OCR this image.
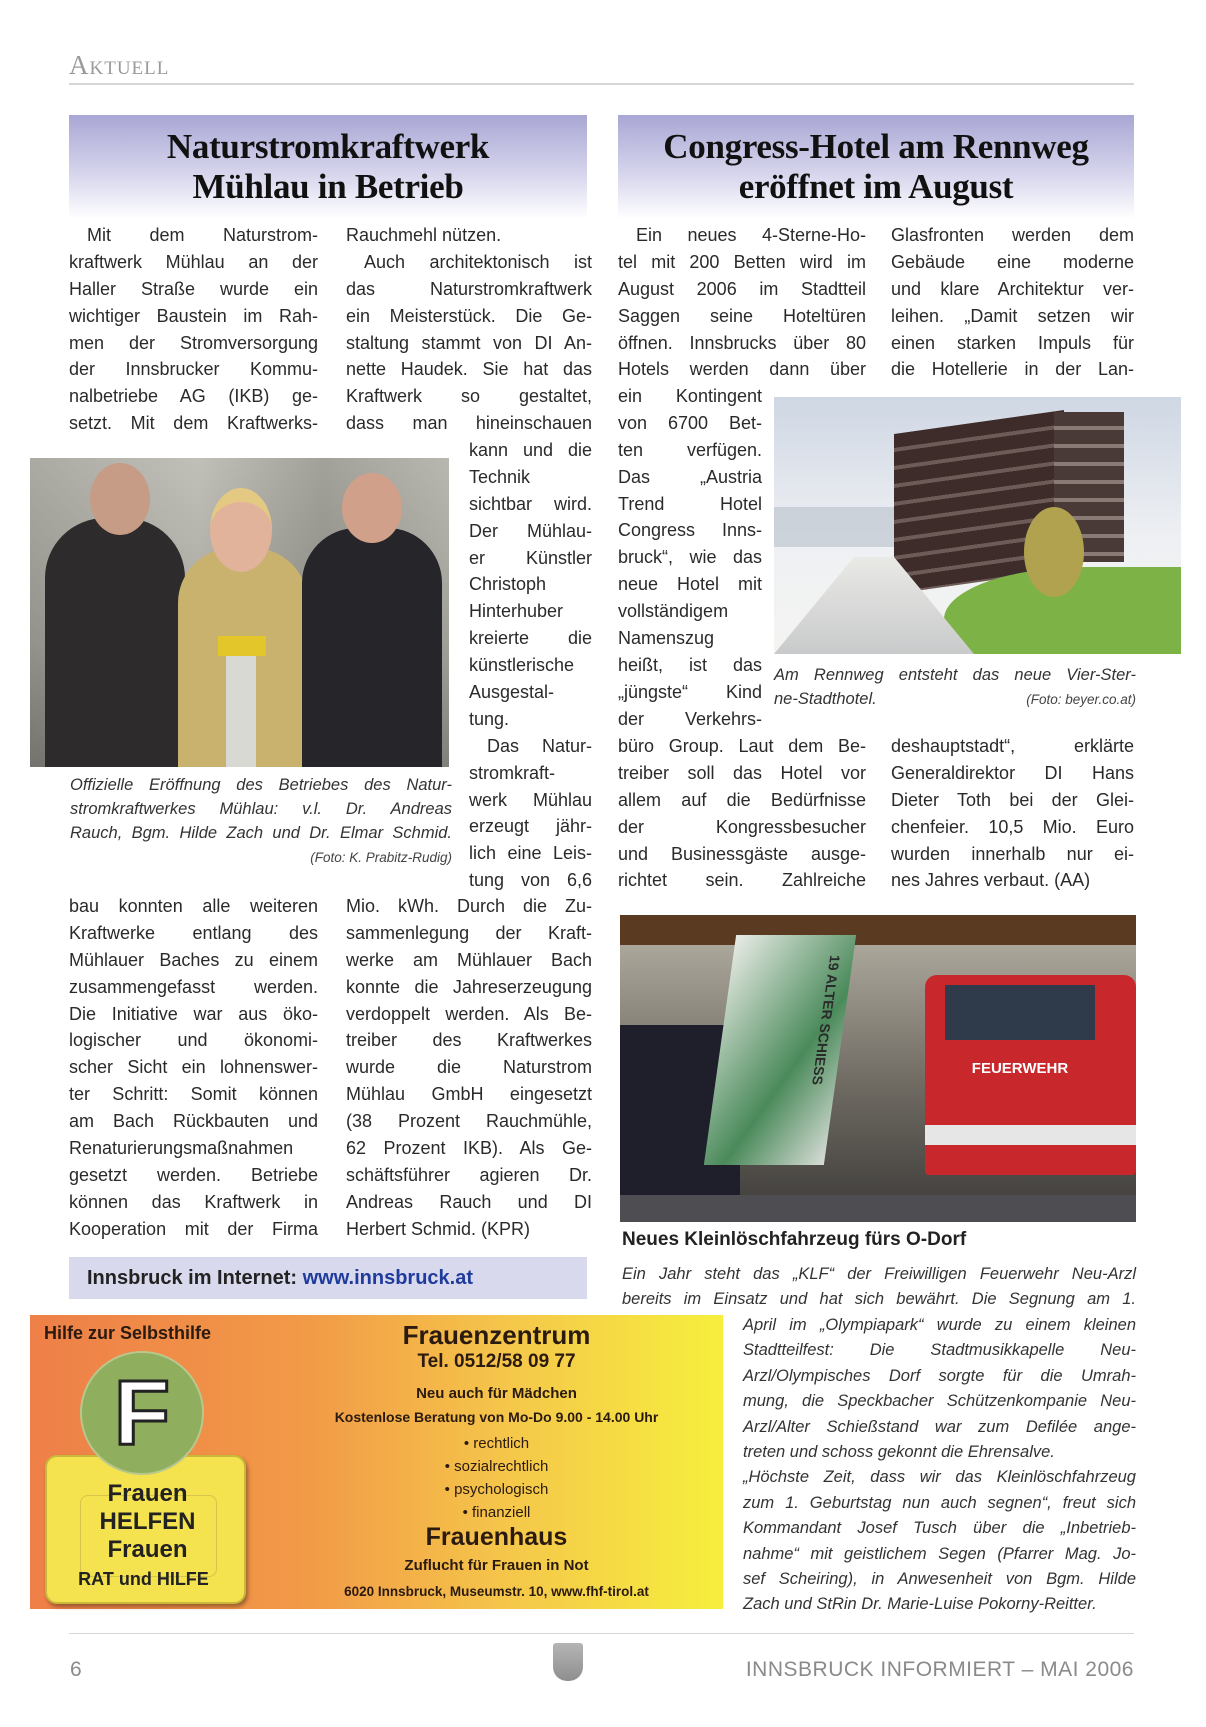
Aktuell
Naturstromkraftwerk
Mühlau in Betrieb
Mit dem Naturstrom-
kraftwerk Mühlau an der
Haller Straße wurde ein
wichtiger Baustein im Rah-
men der Stromversorgung
der Innsbrucker Kommu-
nalbetriebe AG (IKB) ge-
setzt. Mit dem Kraftwerks-
Rauchmehl nützen.
Auch architektonisch ist
das Naturstromkraftwerk
ein Meisterstück. Die Ge-
staltung stammt von DI An-
nette Haudek. Sie hat das
Kraftwerk so gestaltet,
dass man hineinschauen
kann und die
Technik
sichtbar wird.
Der Mühlau-
er Künstler
Christoph
Hinterhuber
kreierte die
künstlerische
Ausgestal-
tung.
Das Natur-
stromkraft-
werk Mühlau
erzeugt jähr-
lich eine Leis-
tung von 6,6
bau konnten alle weiteren
Kraftwerke entlang des
Mühlauer Baches zu einem
zusammengefasst werden.
Die Initiative war aus öko-
logischer und ökonomi-
scher Sicht ein lohnenswer-
ter Schritt: Somit können
am Bach Rückbauten und
Renaturierungsmaßnahmen
gesetzt werden. Betriebe
können das Kraftwerk in
Kooperation mit der Firma
Mio. kWh. Durch die Zu-
sammenlegung der Kraft-
werke am Mühlauer Bach
konnte die Jahreserzeugung
verdoppelt werden. Als Be-
treiber des Kraftwerkes
wurde die Naturstrom
Mühlau GmbH eingesetzt
(38 Prozent Rauchmühle,
62 Prozent IKB). Als Ge-
schäftsführer agieren Dr.
Andreas Rauch und DI
Herbert Schmid. (KPR)
Offizielle Eröffnung des Betriebes des Natur-
stromkraftwerkes Mühlau: v.l. Dr. Andreas
Rauch, Bgm. Hilde Zach und Dr. Elmar Schmid.
(Foto: K. Prabitz-Rudig)
Congress-Hotel am Rennweg
eröffnet im August
Ein neues 4-Sterne-Ho-
tel mit 200 Betten wird im
August 2006 im Stadtteil
Saggen seine Hoteltüren
öffnen. Innsbrucks über 80
Hotels werden dann über
ein Kontingent
von 6700 Bet-
ten verfügen.
Das „Austria
Trend Hotel
Congress Inns-
bruck“, wie das
neue Hotel mit
vollständigem
Namenszug
heißt, ist das
„jüngste“ Kind
der Verkehrs-
büro Group. Laut dem Be-
treiber soll das Hotel vor
allem auf die Bedürfnisse
der Kongressbesucher
und Businessgäste ausge-
richtet sein. Zahlreiche
Glasfronten werden dem
Gebäude eine moderne
und klare Architektur ver-
leihen. „Damit setzen wir
einen starken Impuls für
die Hotellerie in der Lan-
deshauptstadt“, erklärte
Generaldirektor DI Hans
Dieter Toth bei der Glei-
chenfeier. 10,5 Mio. Euro
wurden innerhalb nur ei-
nes Jahres verbaut. (AA)
Am Rennweg entsteht das neue Vier-Ster-
ne-Stadthotel.	(Foto: beyer.co.at)
19 ALTER SCHIESS	FEUERWEHR
Neues Kleinlöschfahrzeug fürs O-Dorf
Ein Jahr steht das „KLF“ der Freiwilligen Feuerwehr Neu-Arzl
bereits im Einsatz und hat sich bewährt. Die Segnung am 1.
April im „Olympiapark“ wurde zu einem kleinen
Stadtteilfest: Die Stadtmusikkapelle Neu-
Arzl/Olympisches Dorf sorgte für die Umrah-
mung, die Speckbacher Schützenkompanie Neu-
Arzl/Alter Schießstand war zum Defilée ange-
treten und schoss gekonnt die Ehrensalve.
„Höchste Zeit, dass wir das Kleinlöschfahrzeug
zum 1. Geburtstag nun auch segnen“, freut sich
Kommandant Josef Tusch über die „Inbetrieb-
nahme“ mit geistlichem Segen (Pfarrer Mag. Jo-
sef Scheiring), in Anwesenheit von Bgm. Hilde
Zach und StRin Dr. Marie-Luise Pokorny-Reitter.
Innsbruck im Internet: www.innsbruck.at
Hilfe zur Selbsthilfe
F
Frauen
HELFEN
Frauen
RAT und HILFE
Frauenzentrum
Tel. 0512/58 09 77
Neu auch für Mädchen
Kostenlose Beratung von Mo-Do 9.00 - 14.00 Uhr
• rechtlich
• sozialrechtlich
• psychologisch
• finanziell
Frauenhaus
Zuflucht für Frauen in Not
6020 Innsbruck, Museumstr. 10, www.fhf-tirol.at
6	INNSBRUCK INFORMIERT – MAI 2006
